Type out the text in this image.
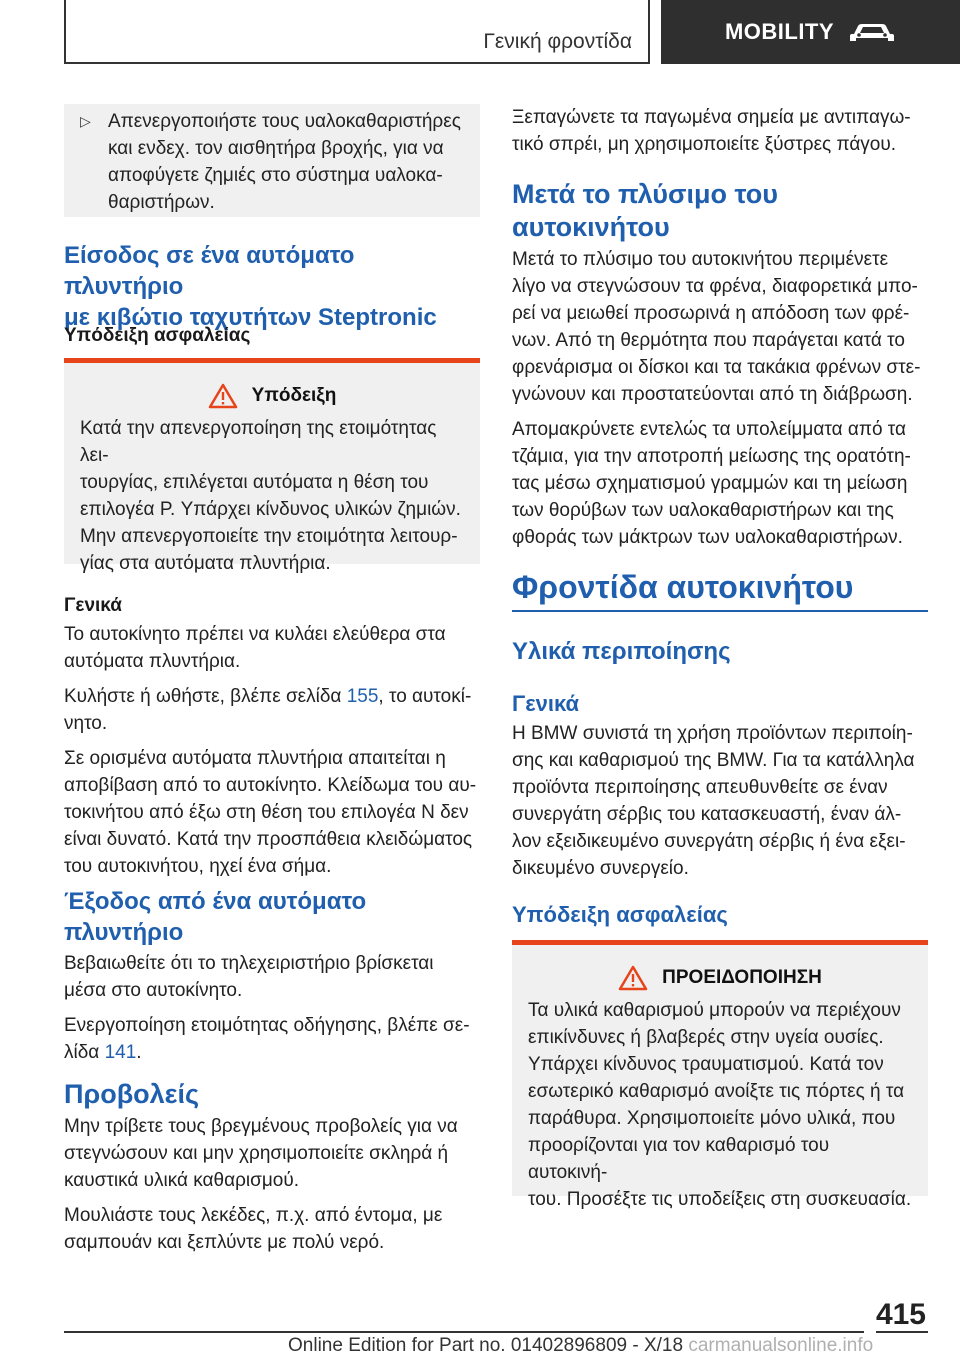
Γενική φροντίδα	MOBILITY
▷ Απενεργοποιήστε τους υαλοκαθαριστήρες
και ενδεχ. τον αισθητήρα βροχής, για να
αποφύγετε ζημιές στο σύστημα υαλοκα-
θαριστήρων.
Είσοδος σε ένα αυτόματο πλυντήριο
με κιβώτιο ταχυτήτων Steptronic
Υπόδειξη ασφαλείας
Υπόδειξη
Κατά την απενεργοποίηση της ετοιμότητας λει-
τουργίας, επιλέγεται αυτόματα η θέση του
επιλογέα P. Υπάρχει κίνδυνος υλικών ζημιών.
Μην απενεργοποιείτε την ετοιμότητα λειτουρ-
γίας στα αυτόματα πλυντήρια.
Γενικά
Το αυτοκίνητο πρέπει να κυλάει ελεύθερα στα
αυτόματα πλυντήρια.
Κυλήστε ή ωθήστε, βλέπε σελίδα 155, το αυτοκί-
νητο.
Σε ορισμένα αυτόματα πλυντήρια απαιτείται η
αποβίβαση από το αυτοκίνητο. Κλείδωμα του αυ-
τοκινήτου από έξω στη θέση του επιλογέα N δεν
είναι δυνατό. Κατά την προσπάθεια κλειδώματος
του αυτοκινήτου, ηχεί ένα σήμα.
Έξοδος από ένα αυτόματο
πλυντήριο
Βεβαιωθείτε ότι το τηλεχειριστήριο βρίσκεται
μέσα στο αυτοκίνητο.
Ενεργοποίηση ετοιμότητας οδήγησης, βλέπε σε-
λίδα 141.
Προβολείς
Μην τρίβετε τους βρεγμένους προβολείς για να
στεγνώσουν και μην χρησιμοποιείτε σκληρά ή
καυστικά υλικά καθαρισμού.
Μουλιάστε τους λεκέδες, π.χ. από έντομα, με
σαμπουάν και ξεπλύντε με πολύ νερό.
Ξεπαγώνετε τα παγωμένα σημεία με αντιπαγω-
τικό σπρέι, μη χρησιμοποιείτε ξύστρες πάγου.
Μετά το πλύσιμο του
αυτοκινήτου
Μετά το πλύσιμο του αυτοκινήτου περιμένετε
λίγο να στεγνώσουν τα φρένα, διαφορετικά μπο-
ρεί να μειωθεί προσωρινά η απόδοση των φρέ-
νων. Από τη θερμότητα που παράγεται κατά το
φρενάρισμα οι δίσκοι και τα τακάκια φρένων στε-
γνώνουν και προστατεύονται από τη διάβρωση.
Απομακρύνετε εντελώς τα υπολείμματα από τα
τζάμια, για την αποτροπή μείωσης της ορατότη-
τας μέσω σχηματισμού γραμμών και τη μείωση
των θορύβων των υαλοκαθαριστήρων και της
φθοράς των μάκτρων των υαλοκαθαριστήρων.
Φροντίδα αυτοκινήτου
Υλικά περιποίησης
Γενικά
Η BMW συνιστά τη χρήση προϊόντων περιποίη-
σης και καθαρισμού της BMW. Για τα κατάλληλα
προϊόντα περιποίησης απευθυνθείτε σε έναν
συνεργάτη σέρβις του κατασκευαστή, έναν άλ-
λον εξειδικευμένο συνεργάτη σέρβις ή ένα εξει-
δικευμένο συνεργείο.
Υπόδειξη ασφαλείας
ΠΡΟΕΙΔΟΠΟΙΗΣΗ
Τα υλικά καθαρισμού μπορούν να περιέχουν
επικίνδυνες ή βλαβερές στην υγεία ουσίες.
Υπάρχει κίνδυνος τραυματισμού. Κατά τον
εσωτερικό καθαρισμό ανοίξτε τις πόρτες ή τα
παράθυρα. Χρησιμοποιείτε μόνο υλικά, που
προορίζονται για τον καθαρισμό του αυτοκινή-
του. Προσέξτε τις υποδείξεις στη συσκευασία.
415
Online Edition for Part no. 01402896809 - X/18 carmanualsonline.info
